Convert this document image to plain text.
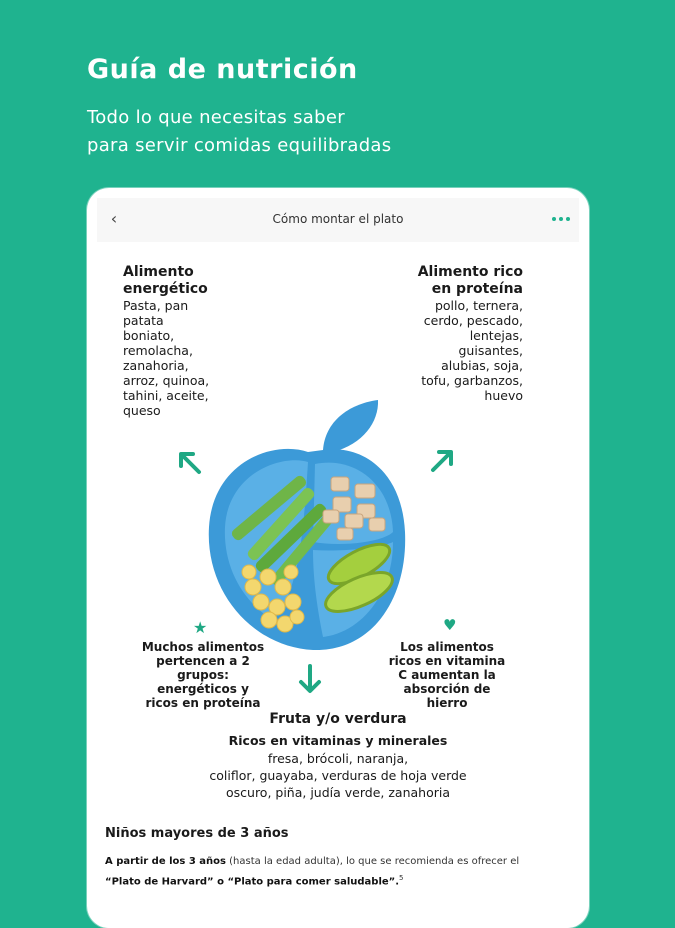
Guía de nutrición
Todo lo que necesitas saber
para servir comidas equilibradas
‹	Cómo montar el plato
Alimento
energético
Pasta, pan
patata
boniato,
remolacha,
zanahoria,
arroz, quinoa,
tahini, aceite,
queso
Alimento rico
en proteína
pollo, ternera,
cerdo, pescado,
lentejas,
guisantes,
alubias, soja,
tofu, garbanzos,
huevo
★	♥
Muchos alimentos
pertencen a 2
grupos:
energéticos y
ricos en proteína
Los alimentos
ricos en vitamina
C aumentan la
absorción de
hierro
Fruta y/o verdura
Ricos en vitaminas y minerales
fresa, brócoli, naranja,
coliflor, guayaba, verduras de hoja verde
oscuro, piña, judía verde, zanahoria
Niños mayores de 3 años
A partir de los 3 años (hasta la edad adulta), lo que se recomienda es ofrecer el
“Plato de Harvard” o “Plato para comer saludable”.$^5$
